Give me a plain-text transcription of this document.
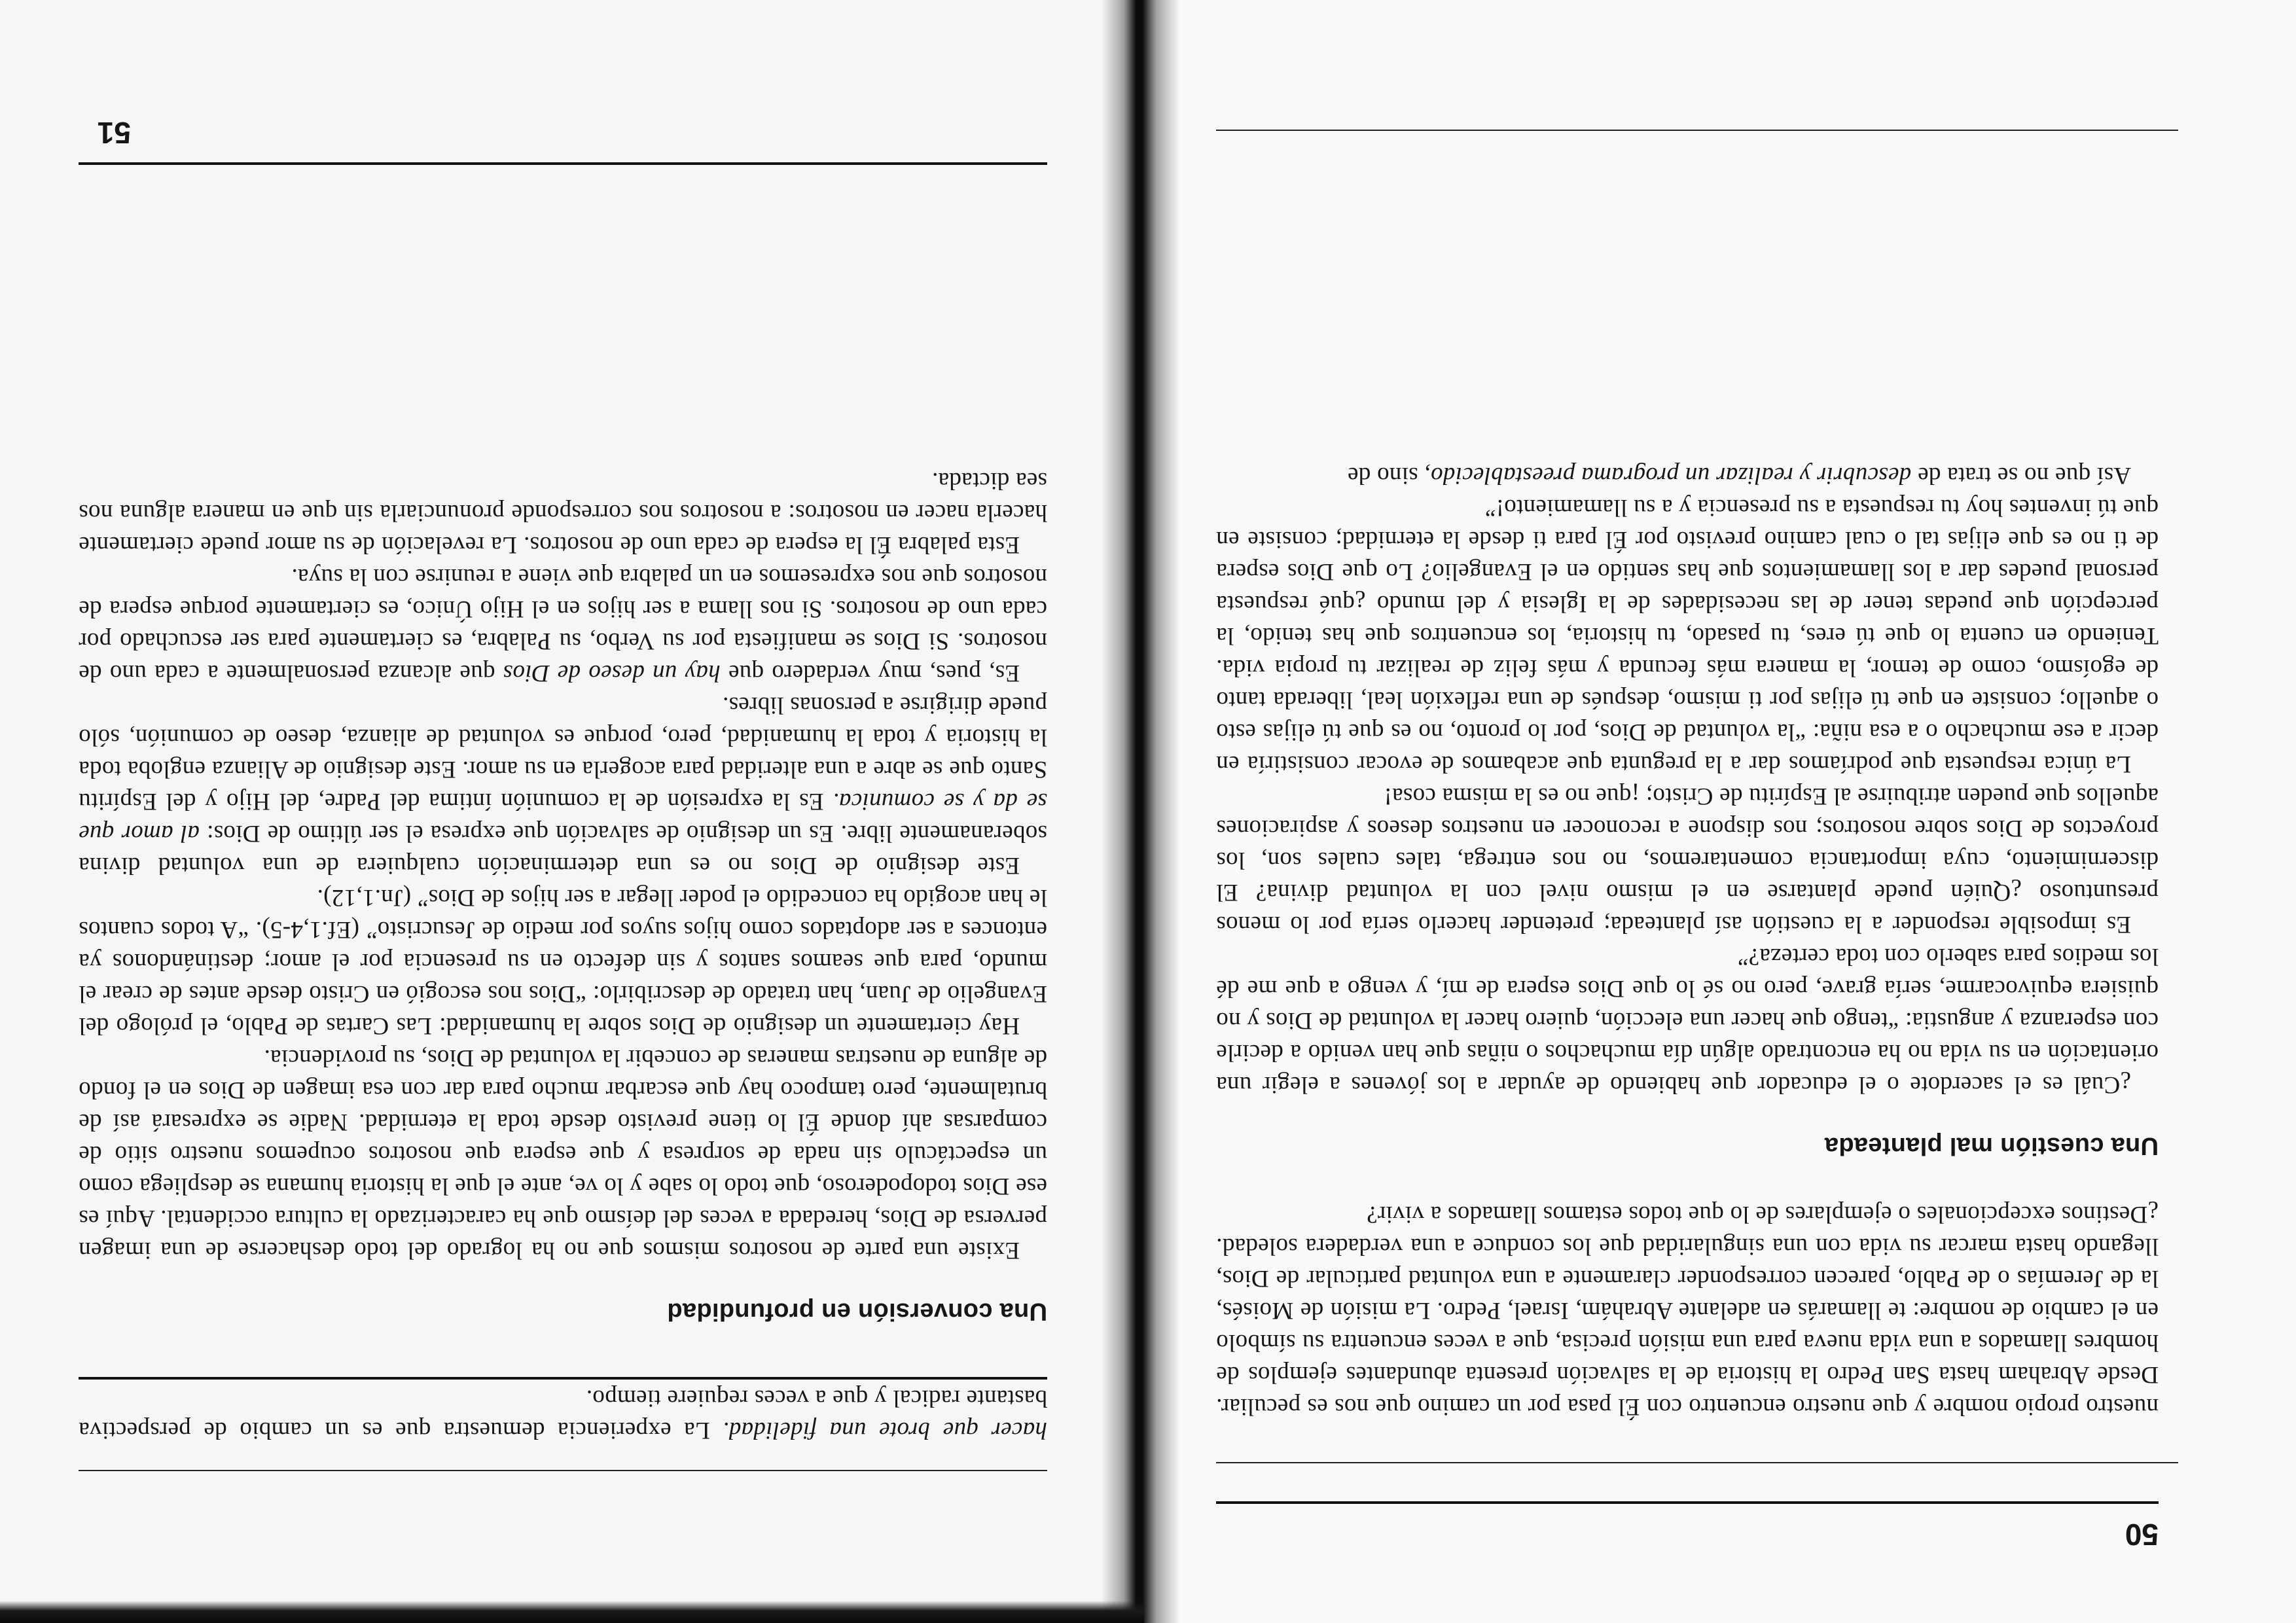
50

nuestro propio nombre y que nuestro encuentro con Él pasa por un camino que nos es peculiar. Desde Abraham hasta San Pedro la historia de la salvación presenta abundantes ejemplos de hombres llamados a una vida nueva para una misión precisa, que a veces encuentra su símbolo en el cambio de nombre: te llamarás en adelante Abrahám, Israel, Pedro. La misión de Moisés, la de Jeremías o de Pablo, parecen corresponder claramente a una voluntad particular de Dios, llegando hasta marcar su vida con una singularidad que los conduce a una verdadera soledad. ¿Destinos excepcionales o ejemplares de lo que todos estamos llamados a vivir?

Una cuestión mal planteada

¿Cuál es el sacerdote o el educador que habiendo de ayudar a los jóvenes a elegir una orientación en su vida no ha encontrado algún día muchachos o niñas que han venido a decirle con esperanza y angustia: “tengo que hacer una elección, quiero hacer la voluntad de Dios y no quisiera equivocarme, sería grave, pero no sé lo que Dios espera de mí, y vengo a que me dé los medios para saberlo con toda certeza?”

Es imposible responder a la cuestión así planteada; pretender hacerlo sería por lo menos presuntuoso ¿Quién puede plantarse en el mismo nivel con la voluntad divina? El discernimiento, cuya importancia comentaremos, no nos entrega, tales cuales son, los proyectos de Dios sobre nosotros; nos dispone a reconocer en nuestros deseos y aspiraciones aquellos que pueden atribuirse al Espíritu de Cristo; ¡que no es la misma cosa!

La única respuesta que podríamos dar a la pregunta que acabamos de evocar consistiría en decir a ese muchacho o a esa niña: “la voluntad de Dios, por lo pronto, no es que tú elijas esto o aquello; consiste en que tú elijas por ti mismo, después de una reflexión leal, liberada tanto de egoísmo, como de temor, la manera más fecunda y más feliz de realizar tu propia vida. Teniendo en cuenta lo que tú eres, tu pasado, tu historia, los encuentros que has tenido, la percepción que puedas tener de las necesidades de la Iglesia y del mundo ¿qué respuesta personal puedes dar a los llamamientos que has sentido en el Evangelio? Lo que Dios espera de ti no es que elijas tal o cual camino previsto por Él para ti desde la eternidad; consiste en que tú inventes hoy tu respuesta a su presencia y a su llamamiento!”

Así que no se trata de descubrir y realizar un programa preestablecido, sino de

hacer que brote una fidelidad. La experiencia demuestra que es un cambio de perspectiva bastante radical y que a veces requiere tiempo.

Una conversión en profundidad

Existe una parte de nosotros mismos que no ha logrado del todo deshacerse de una imagen perversa de Dios, heredada a veces del deísmo que ha caracterizado la cultura occidental. Aquí es ese Dios todopoderoso, que todo lo sabe y lo ve, ante el que la historia humana se despliega como un espectáculo sin nada de sorpresa y que espera que nosotros ocupemos nuestro sitio de comparsas ahí donde Él lo tiene previsto desde toda la eternidad. Nadie se expresará así de brutalmente, pero tampoco hay que escarbar mucho para dar con esa imagen de Dios en el fondo de alguna de nuestras maneras de concebir la voluntad de Dios, su providencia.

Hay ciertamente un designio de Dios sobre la humanidad: Las Cartas de Pablo, el prólogo del Evangelio de Juan, han tratado de describirlo: “Dios nos escogió en Cristo desde antes de crear el mundo, para que seamos santos y sin defecto en su presencia por el amor; destinándonos ya entonces a ser adoptados como hijos suyos por medio de Jesucristo” (Ef.1,4-5). “A todos cuantos le han acogido ha concedido el poder llegar a ser hijos de Dios” (Jn.1,12).

Este designio de Dios no es una determinación cualquiera de una voluntad divina soberanamente libre. Es un designio de salvación que expresa el ser último de Dios: al amor que se da y se comunica. Es la expresión de la comunión íntima del Padre, del Hijo y del Espíritu Santo que se abre a una alteridad para acogerla en su amor. Este designio de Alianza engloba toda la historia y toda la humanidad, pero, porque es voluntad de alianza, deseo de comunión, sólo puede dirigirse a personas libres.

Es, pues, muy verdadero que hay un deseo de Dios que alcanza personalmente a cada uno de nosotros. Si Dios se manifiesta por su Verbo, su Palabra, es ciertamente para ser escuchado por cada uno de nosotros. Si nos llama a ser hijos en el Hijo Único, es ciertamente porque espera de nosotros que nos expresemos en un palabra que viene a reunirse con la suya.

Esta palabra Él la espera de cada uno de nosotros. La revelación de su amor puede ciertamente hacerla nacer en nosotros: a nosotros nos corresponde pronunciarla sin que en manera alguna nos sea dictada.

51
